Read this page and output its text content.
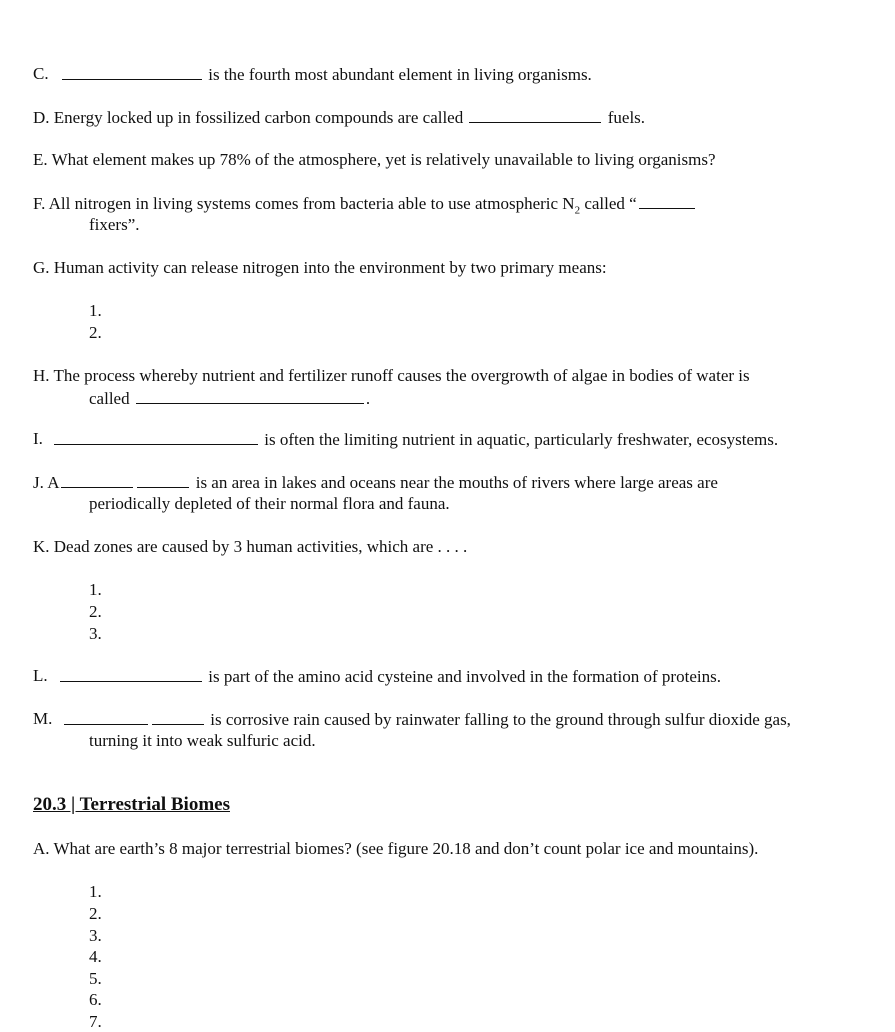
C.	is the fourth most abundant element in living organisms.
D. Energy locked up in fossilized carbon compounds are called	fuels.
E. What element makes up 78% of the atmosphere, yet is relatively unavailable to living organisms?
F. All nitrogen in living systems comes from bacteria able to use atmospheric $N_2$ called “
fixers”.
G. Human activity can release nitrogen into the environment by two primary means:
1.
2.
H. The process whereby nutrient and fertilizer runoff causes the overgrowth of algae in bodies of water is
called	.
I.	is often the limiting nutrient in aquatic, particularly freshwater, ecosystems.
J. A	is an area in lakes and oceans near the mouths of rivers where large areas are
periodically depleted of their normal flora and fauna.
K. Dead zones are caused by 3 human activities, which are . . . .
1.
2.
3.
L.	is part of the amino acid cysteine and involved in the formation of proteins.
M.	is corrosive rain caused by rainwater falling to the ground through sulfur dioxide gas,
turning it into weak sulfuric acid.
20.3 | Terrestrial Biomes
A. What are earth’s 8 major terrestrial biomes? (see figure 20.18 and don’t count polar ice and mountains).
1.
2.
3.
4.
5.
6.
7.
